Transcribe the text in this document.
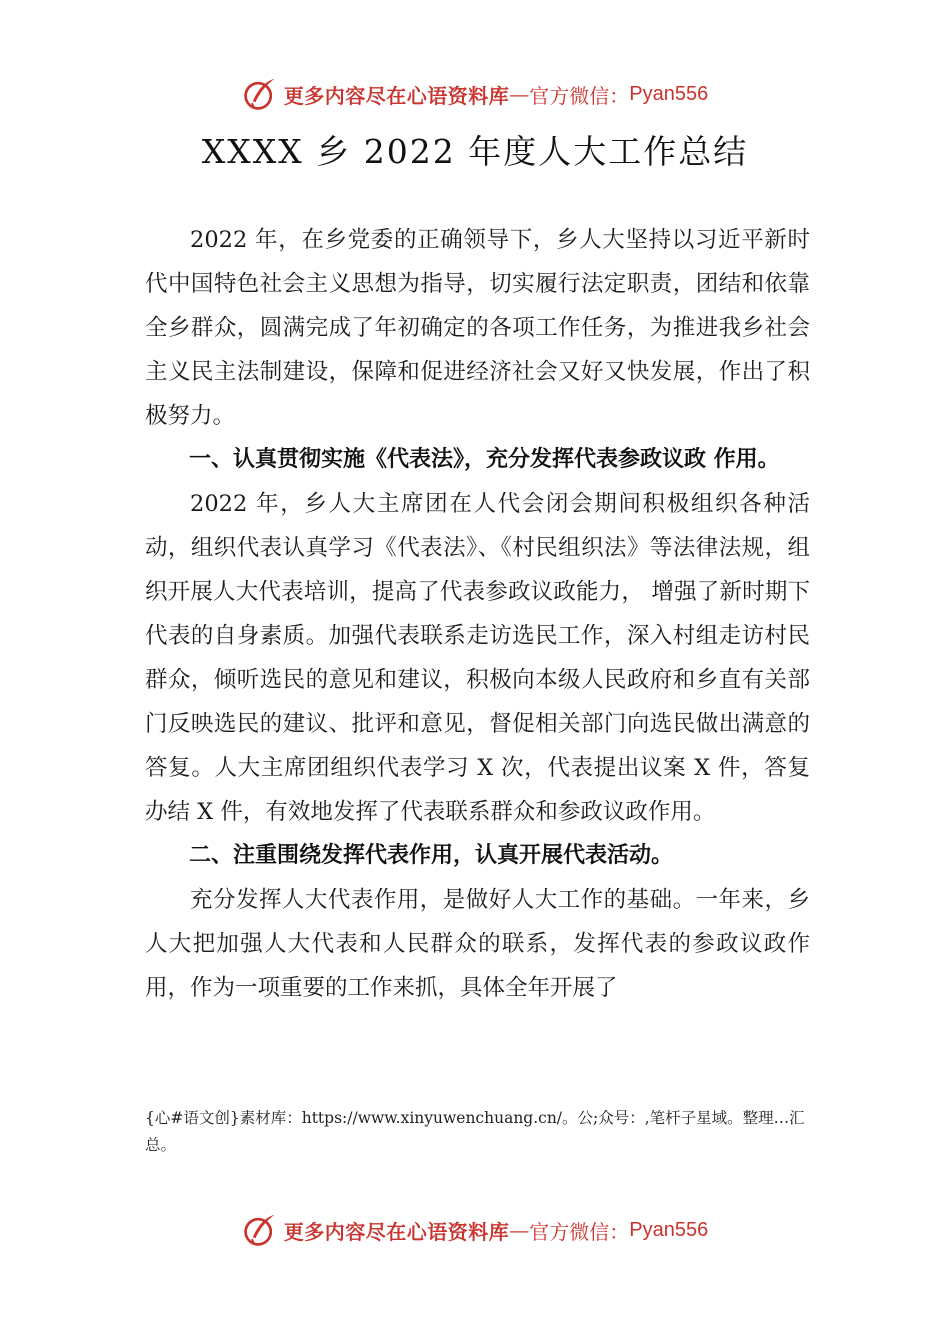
更多内容尽在心语资料库 — 官方微信： Pyan556
XXXX 乡 2022 年度人大工作总结

2022 年，在乡党委的正确领导下，乡人大坚持以习近平新时代中国特色社会主义思想为指导，切实履行法定职责，团结和依靠全乡群众，圆满完成了年初确定的各项工作任务，为推进我乡社会主义民主法制建设，保障和促进经济社会又好又快发展，作出了积极努力。

一、认真贯彻实施《代表法》，充分发挥代表参政议政 作用。

2022 年，乡人大主席团在人代会闭会期间积极组织各种活动，组织代表认真学习《代表法》、《村民组织法》等法律法规，组织开展人大代表培训，提高了代表参政议政能力， 增强了新时期下代表的自身素质。加强代表联系走访选民工作，深入村组走访村民群众，倾听选民的意见和建议，积极向本级人民政府和乡直有关部门反映选民的建议、批评和意见，督促相关部门向选民做出满意的答复。人大主席团组织代表学习 X 次，代表提出议案 X 件，答复办结 X 件，有效地发挥了代表联系群众和参政议政作用。

二、注重围绕发挥代表作用，认真开展代表活动。

充分发挥人大代表作用，是做好人大工作的基础。一年来，乡人大把加强人大代表和人民群众的联系，发挥代表的参政议政作用，作为一项重要的工作来抓，具体全年开展了

{心#语文创}素材库：https://www.xinyuwenchuang.cn/。公;众号：,笔杆子星域。整理…汇总。

更多内容尽在心语资料库 — 官方微信： Pyan556
